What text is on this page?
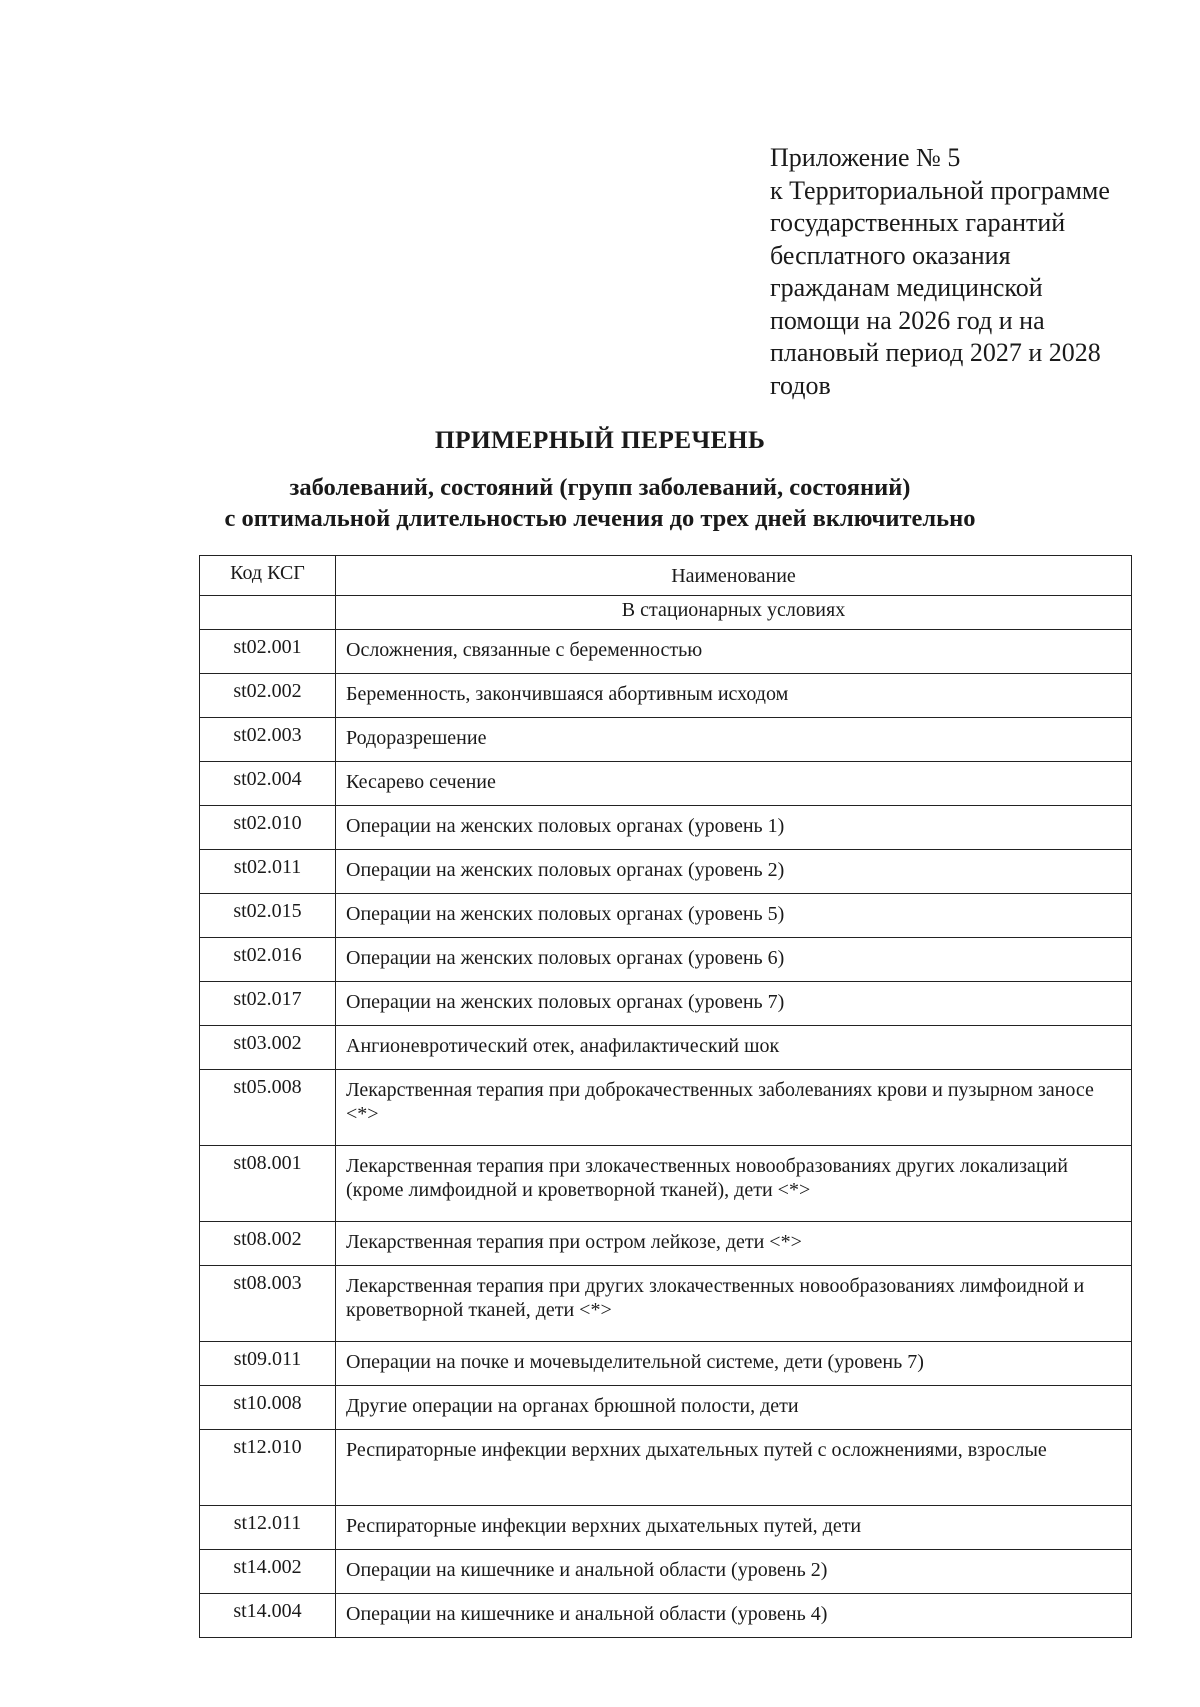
Приложение № 5
к Территориальной программе
государственных гарантий
бесплатного оказания
гражданам медицинской
помощи на 2026 год и на
плановый период 2027 и 2028
годов
ПРИМЕРНЫЙ ПЕРЕЧЕНЬ
заболеваний, состояний (групп заболеваний, состояний)
с оптимальной длительностью лечения до трех дней включительно
Код КСГ	Наименование
	В стационарных условиях
st02.001	Осложнения, связанные с беременностью
st02.002	Беременность, закончившаяся абортивным исходом
st02.003	Родоразрешение
st02.004	Кесарево сечение
st02.010	Операции на женских половых органах (уровень 1)
st02.011	Операции на женских половых органах (уровень 2)
st02.015	Операции на женских половых органах (уровень 5)
st02.016	Операции на женских половых органах (уровень 6)
st02.017	Операции на женских половых органах (уровень 7)
st03.002	Ангионевротический отек, анафилактический шок
st05.008	Лекарственная терапия при доброкачественных заболеваниях крови и пузырном заносе <*>
st08.001	Лекарственная терапия при злокачественных новообразованиях других локализаций (кроме лимфоидной и кроветворной тканей), дети <*>
st08.002	Лекарственная терапия при остром лейкозе, дети <*>
st08.003	Лекарственная терапия при других злокачественных новообразованиях лимфоидной и кроветворной тканей, дети <*>
st09.011	Операции на почке и мочевыделительной системе, дети (уровень 7)
st10.008	Другие операции на органах брюшной полости, дети
st12.010	Респираторные инфекции верхних дыхательных путей с осложнениями, взрослые
st12.011	Респираторные инфекции верхних дыхательных путей, дети
st14.002	Операции на кишечнике и анальной области (уровень 2)
st14.004	Операции на кишечнике и анальной области (уровень 4)
